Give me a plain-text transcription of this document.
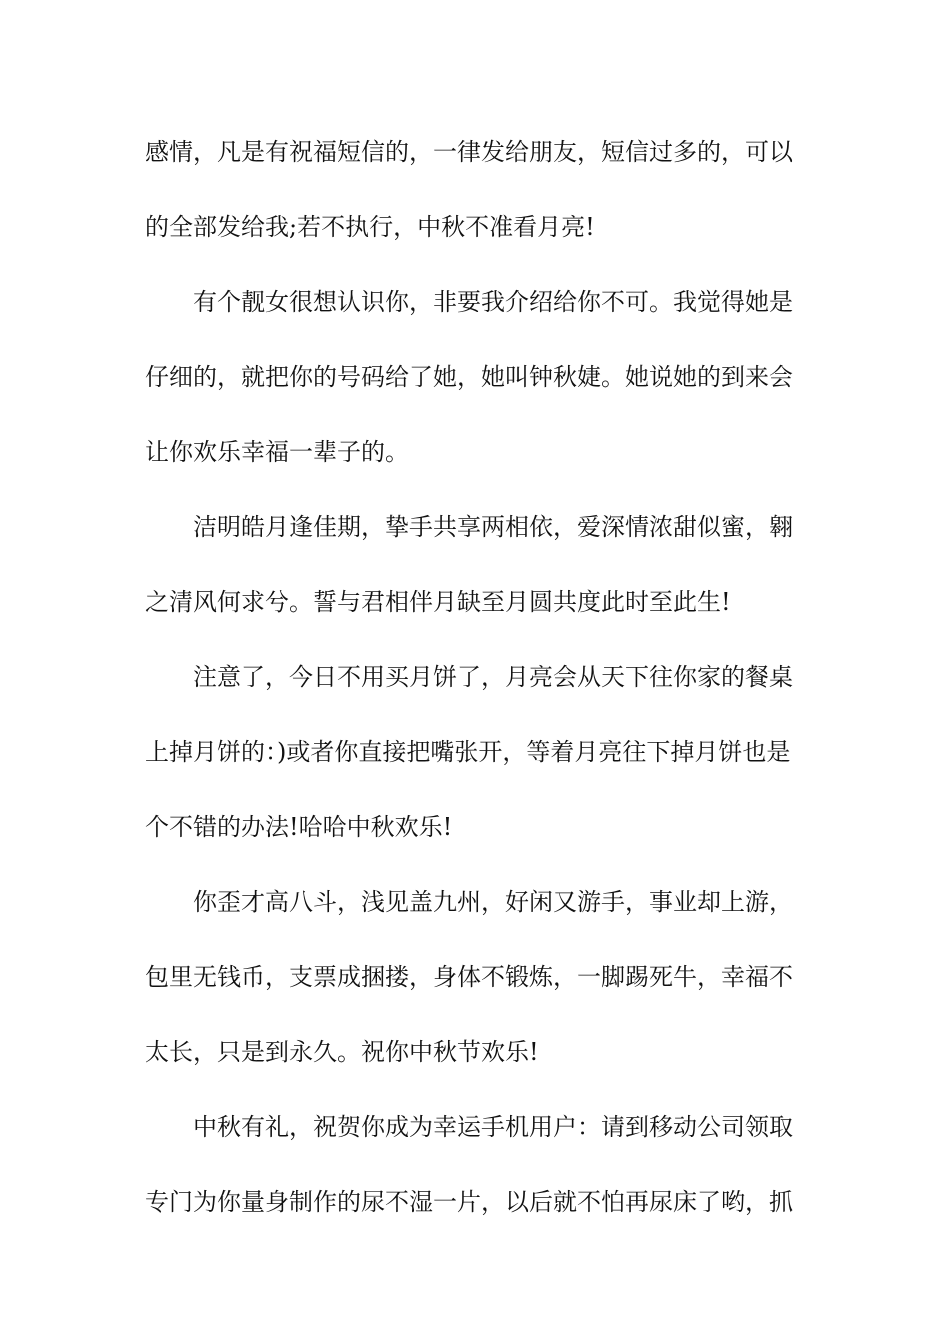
感情，凡是有祝福短信的，一律发给朋友，短信过多的，可以
的全部发给我;若不执行，中秋不准看月亮!
有个靓女很想认识你，非要我介绍给你不可。我觉得她是
仔细的，就把你的号码给了她，她叫钟秋婕。她说她的到来会
让你欢乐幸福一辈子的。
洁明皓月逢佳期，挚手共享两相依，爱深情浓甜似蜜，翱
之清风何求兮。誓与君相伴月缺至月圆共度此时至此生!
注意了，今日不用买月饼了，月亮会从天下往你家的餐桌
上掉月饼的：)或者你直接把嘴张开，等着月亮往下掉月饼也是
个不错的办法!哈哈中秋欢乐!
你歪才高八斗，浅见盖九州，好闲又游手，事业却上游，
包里无钱币，支票成捆搂，身体不锻炼，一脚踢死牛，幸福不
太长，只是到永久。祝你中秋节欢乐!
中秋有礼，祝贺你成为幸运手机用户：请到移动公司领取
专门为你量身制作的尿不湿一片，以后就不怕再尿床了哟，抓
